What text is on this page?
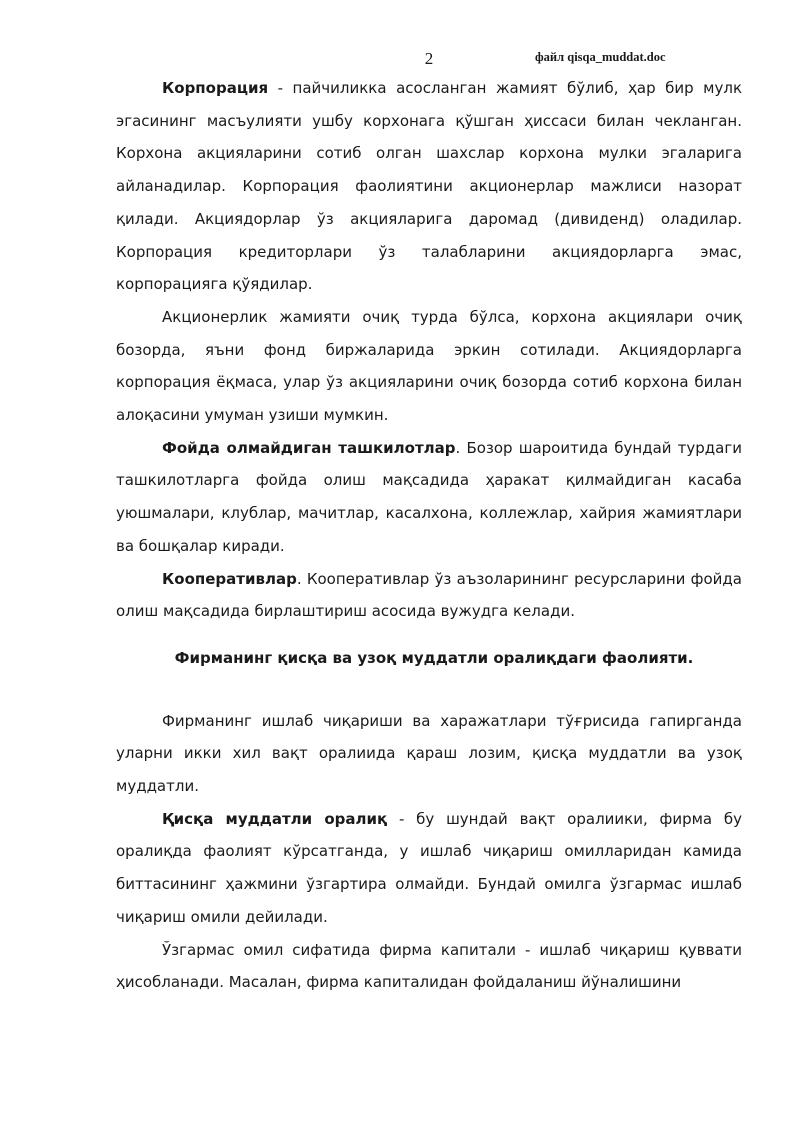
2	файл qisqa_muddat.doc

Корпорация - пайчиликка асосланган жамият бўлиб, ҳар бир мулк эгасининг масъулияти ушбу корхонага қўшган ҳиссаси билан чекланган. Корхона акцияларини сотиб олган шахслар корхона мулки эгаларига айланадилар. Корпорация фаолиятини акционерлар мажлиси назорат қилади. Акциядорлар ўз акцияларига даромад (дивиденд) оладилар. Корпорация кредиторлари ўз талабларини акциядорларга эмас, корпорацияга қўядилар.

Акционерлик жамияти очиқ турда бўлса, корхона акциялари очиқ бозорда, яъни фонд биржаларида эркин сотилади. Акциядорларга корпорация ёқмаса, улар ўз акцияларини очиқ бозорда сотиб корхона билан алоқасини умуман узиши мумкин.

Фойда олмайдиган ташкилотлар. Бозор шароитида бундай турдаги ташкилотларга фойда олиш мақсадида ҳаракат қилмайдиган касаба уюшмалари, клублар, мачитлар, касалхона, коллежлар, хайрия жамиятлари ва бошқалар киради.

Кооперативлар. Кооперативлар ўз аъзоларининг ресурсларини фойда олиш мақсадида бирлаштириш асосида вужудга келади.

Фирманинг қисқа ва узоқ муддатли оралиқдаги фаолияти.

Фирманинг ишлаб чиқариши ва харажатлари тўғрисида гапирганда уларни икки хил вақт оралиида қараш лозим, қисқа муддатли ва узоқ муддатли.

Қисқа муддатли оралиқ - бу шундай вақт оралиики, фирма бу оралиқда фаолият кўрсатганда, у ишлаб чиқариш омилларидан камида биттасининг ҳажмини ўзгартира олмайди. Бундай омилга ўзгармас ишлаб чиқариш омили дейилади.

Ўзгармас омил сифатида фирма капитали - ишлаб чиқариш қуввати ҳисобланади. Масалан, фирма капиталидан фойдаланиш йўналишини
